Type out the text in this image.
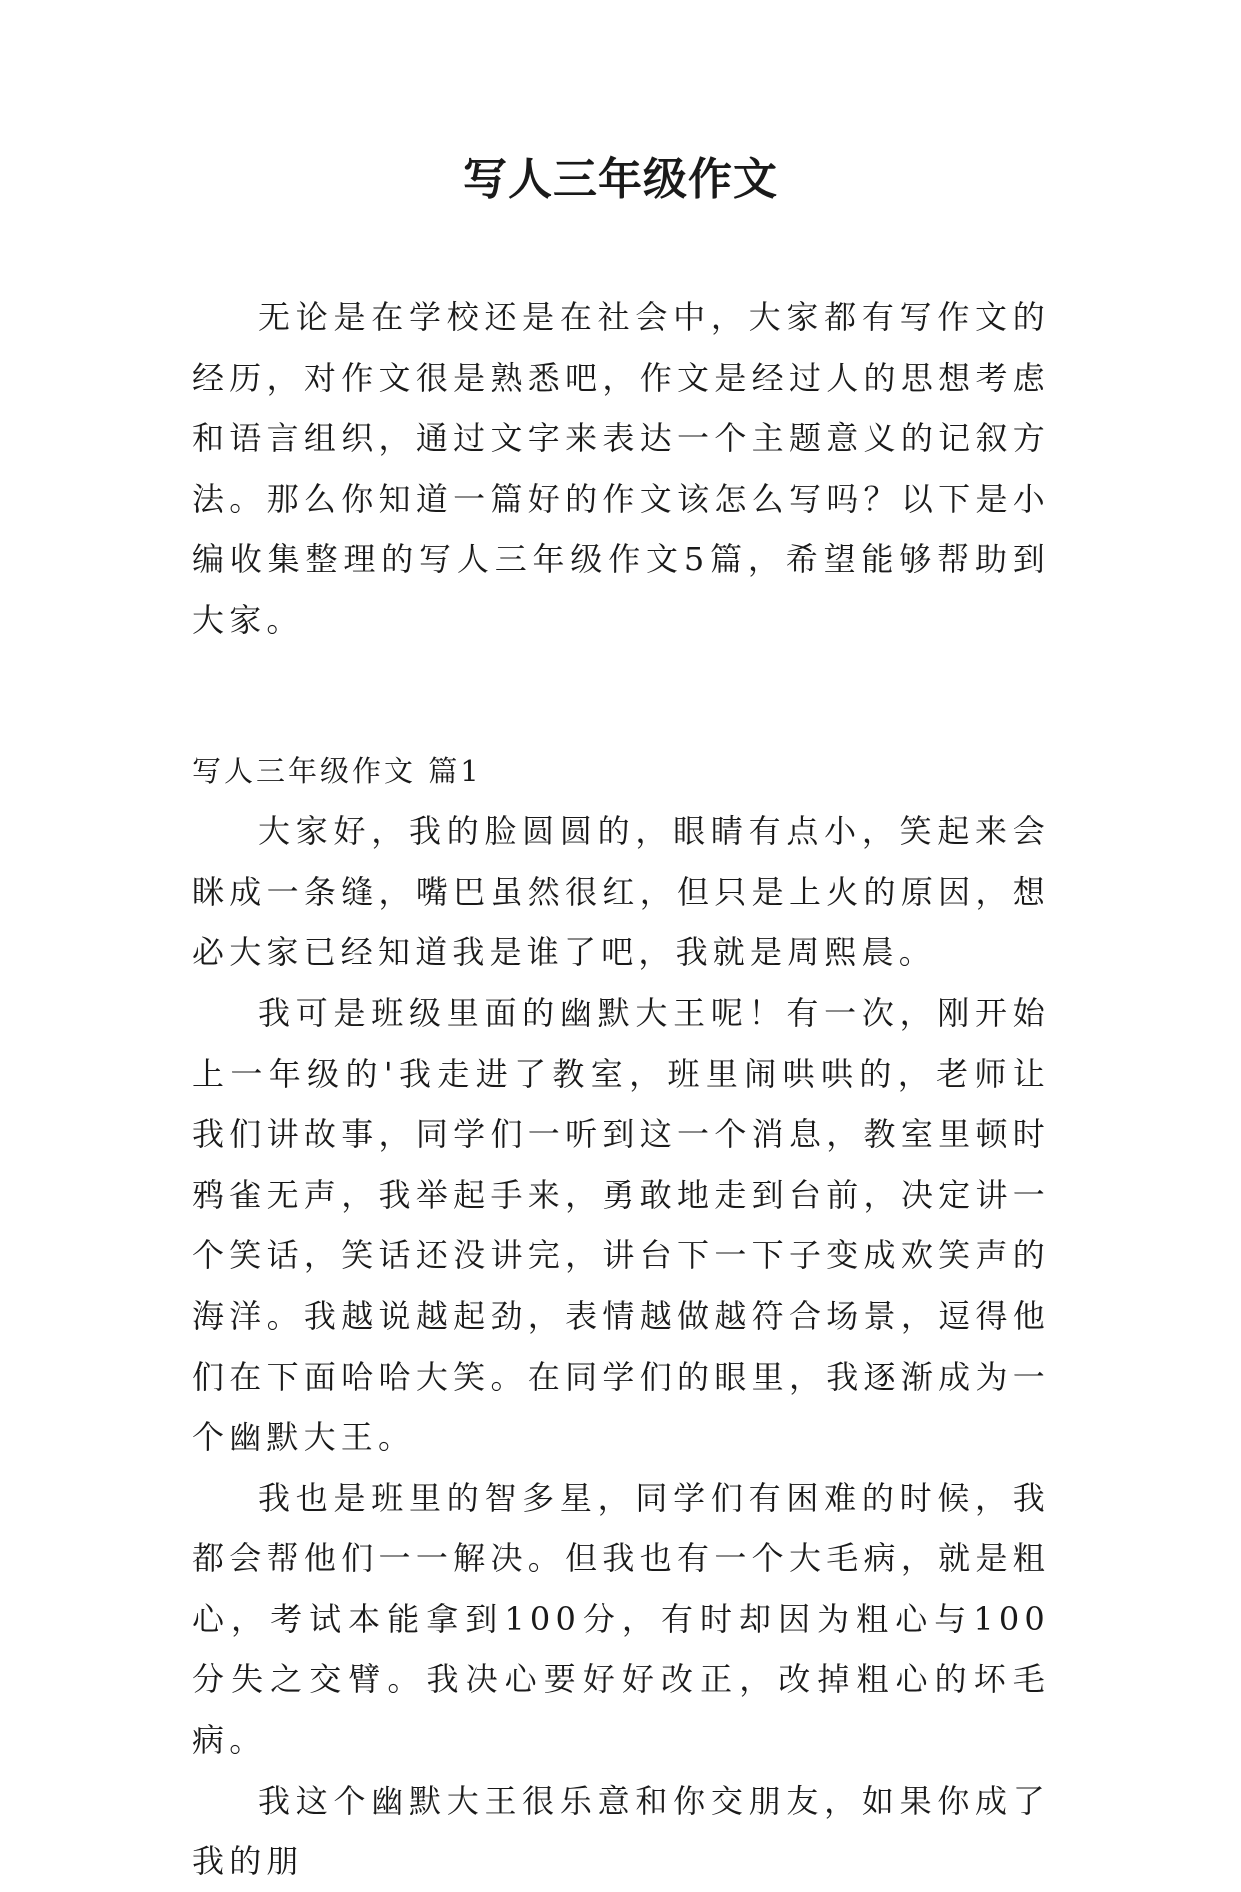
写人三年级作文

无论是在学校还是在社会中，大家都有写作文的经历，对作文很是熟悉吧，作文是经过人的思想考虑和语言组织，通过文字来表达一个主题意义的记叙方法。那么你知道一篇好的作文该怎么写吗？以下是小编收集整理的写人三年级作文5篇，希望能够帮助到大家。

写人三年级作文 篇1

大家好，我的脸圆圆的，眼睛有点小，笑起来会眯成一条缝，嘴巴虽然很红，但只是上火的原因，想必大家已经知道我是谁了吧，我就是周熙晨。

我可是班级里面的幽默大王呢！有一次，刚开始上一年级的'我走进了教室，班里闹哄哄的，老师让我们讲故事，同学们一听到这一个消息，教室里顿时鸦雀无声，我举起手来，勇敢地走到台前，决定讲一个笑话，笑话还没讲完，讲台下一下子变成欢笑声的海洋。我越说越起劲，表情越做越符合场景，逗得他们在下面哈哈大笑。在同学们的眼里，我逐渐成为一个幽默大王。

我也是班里的智多星，同学们有困难的时候，我都会帮他们一一解决。但我也有一个大毛病，就是粗心，考试本能拿到100分，有时却因为粗心与100分失之交臂。我决心要好好改正，改掉粗心的坏毛病。

我这个幽默大王很乐意和你交朋友，如果你成了我的朋
